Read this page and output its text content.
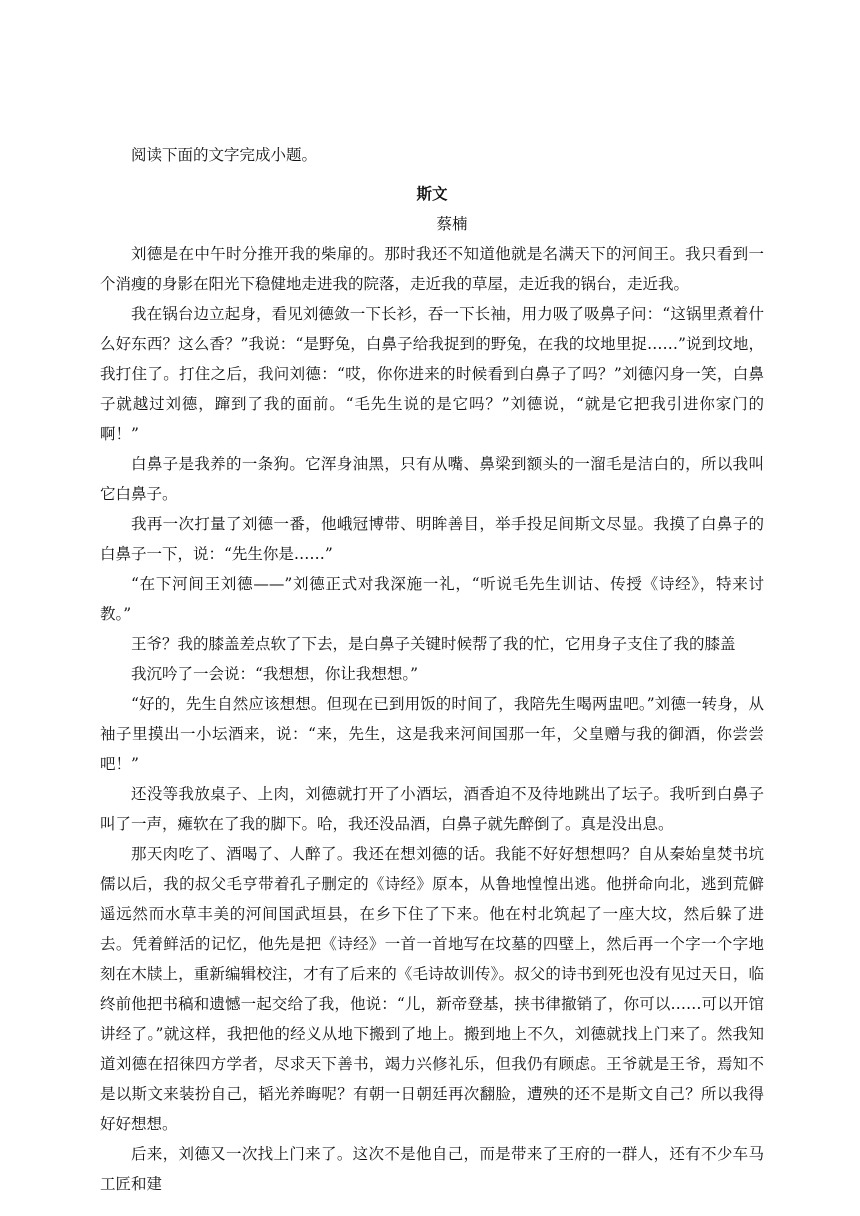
阅读下面的文字完成小题。

斯文

蔡楠

刘德是在中午时分推开我的柴扉的。那时我还不知道他就是名满天下的河间王。我只看到一个消瘦的身影在阳光下稳健地走进我的院落，走近我的草屋，走近我的锅台，走近我。

我在锅台边立起身，看见刘德敛一下长衫，吞一下长袖，用力吸了吸鼻子问：“这锅里煮着什么好东西？这么香？”我说：“是野兔，白鼻子给我捉到的野兔，在我的坟地里捉……”说到坟地，我打住了。打住之后，我问刘德：“哎，你你进来的时候看到白鼻子了吗？”刘德闪身一笑，白鼻子就越过刘德，蹿到了我的面前。“毛先生说的是它吗？”刘德说，“就是它把我引进你家门的啊！”

白鼻子是我养的一条狗。它浑身油黑，只有从嘴、鼻梁到额头的一溜毛是洁白的，所以我叫它白鼻子。

我再一次打量了刘德一番，他峨冠博带、明眸善目，举手投足间斯文尽显。我摸了白鼻子的白鼻子一下，说：“先生你是……”

“在下河间王刘德——”刘德正式对我深施一礼，“听说毛先生训诂、传授《诗经》，特来讨教。”

王爷？我的膝盖差点软了下去，是白鼻子关键时候帮了我的忙，它用身子支住了我的膝盖

我沉吟了一会说：“我想想，你让我想想。”

“好的，先生自然应该想想。但现在已到用饭的时间了，我陪先生喝两盅吧。”刘德一转身，从袖子里摸出一小坛酒来，说：“来，先生，这是我来河间国那一年，父皇赠与我的御酒，你尝尝吧！”

还没等我放桌子、上肉，刘德就打开了小酒坛，酒香迫不及待地跳出了坛子。我听到白鼻子叫了一声，瘫软在了我的脚下。哈，我还没品酒，白鼻子就先醉倒了。真是没出息。

那天肉吃了、酒喝了、人醉了。我还在想刘德的话。我能不好好想想吗？自从秦始皇焚书坑儒以后，我的叔父毛亨带着孔子删定的《诗经》原本，从鲁地惶惶出逃。他拼命向北，逃到荒僻遥远然而水草丰美的河间国武垣县，在乡下住了下来。他在村北筑起了一座大坟，然后躲了进去。凭着鲜活的记忆，他先是把《诗经》一首一首地写在坟墓的四壁上，然后再一个字一个字地刻在木牍上，重新编辑校注，才有了后来的《毛诗故训传》。叔父的诗书到死也没有见过天日，临终前他把书稿和遗憾一起交给了我，他说：“儿，新帝登基，挟书律撤销了，你可以……可以开馆讲经了。”就这样，我把他的经义从地下搬到了地上。搬到地上不久，刘德就找上门来了。然我知道刘德在招徕四方学者，尽求天下善书，竭力兴修礼乐，但我仍有顾虑。王爷就是王爷，焉知不是以斯文来装扮自己，韬光养晦呢？有朝一日朝廷再次翻脸，遭殃的还不是斯文自己？所以我得好好想想。

后来，刘德又一次找上门来了。这次不是他自己，而是带来了王府的一群人，还有不少车马工匠和建
